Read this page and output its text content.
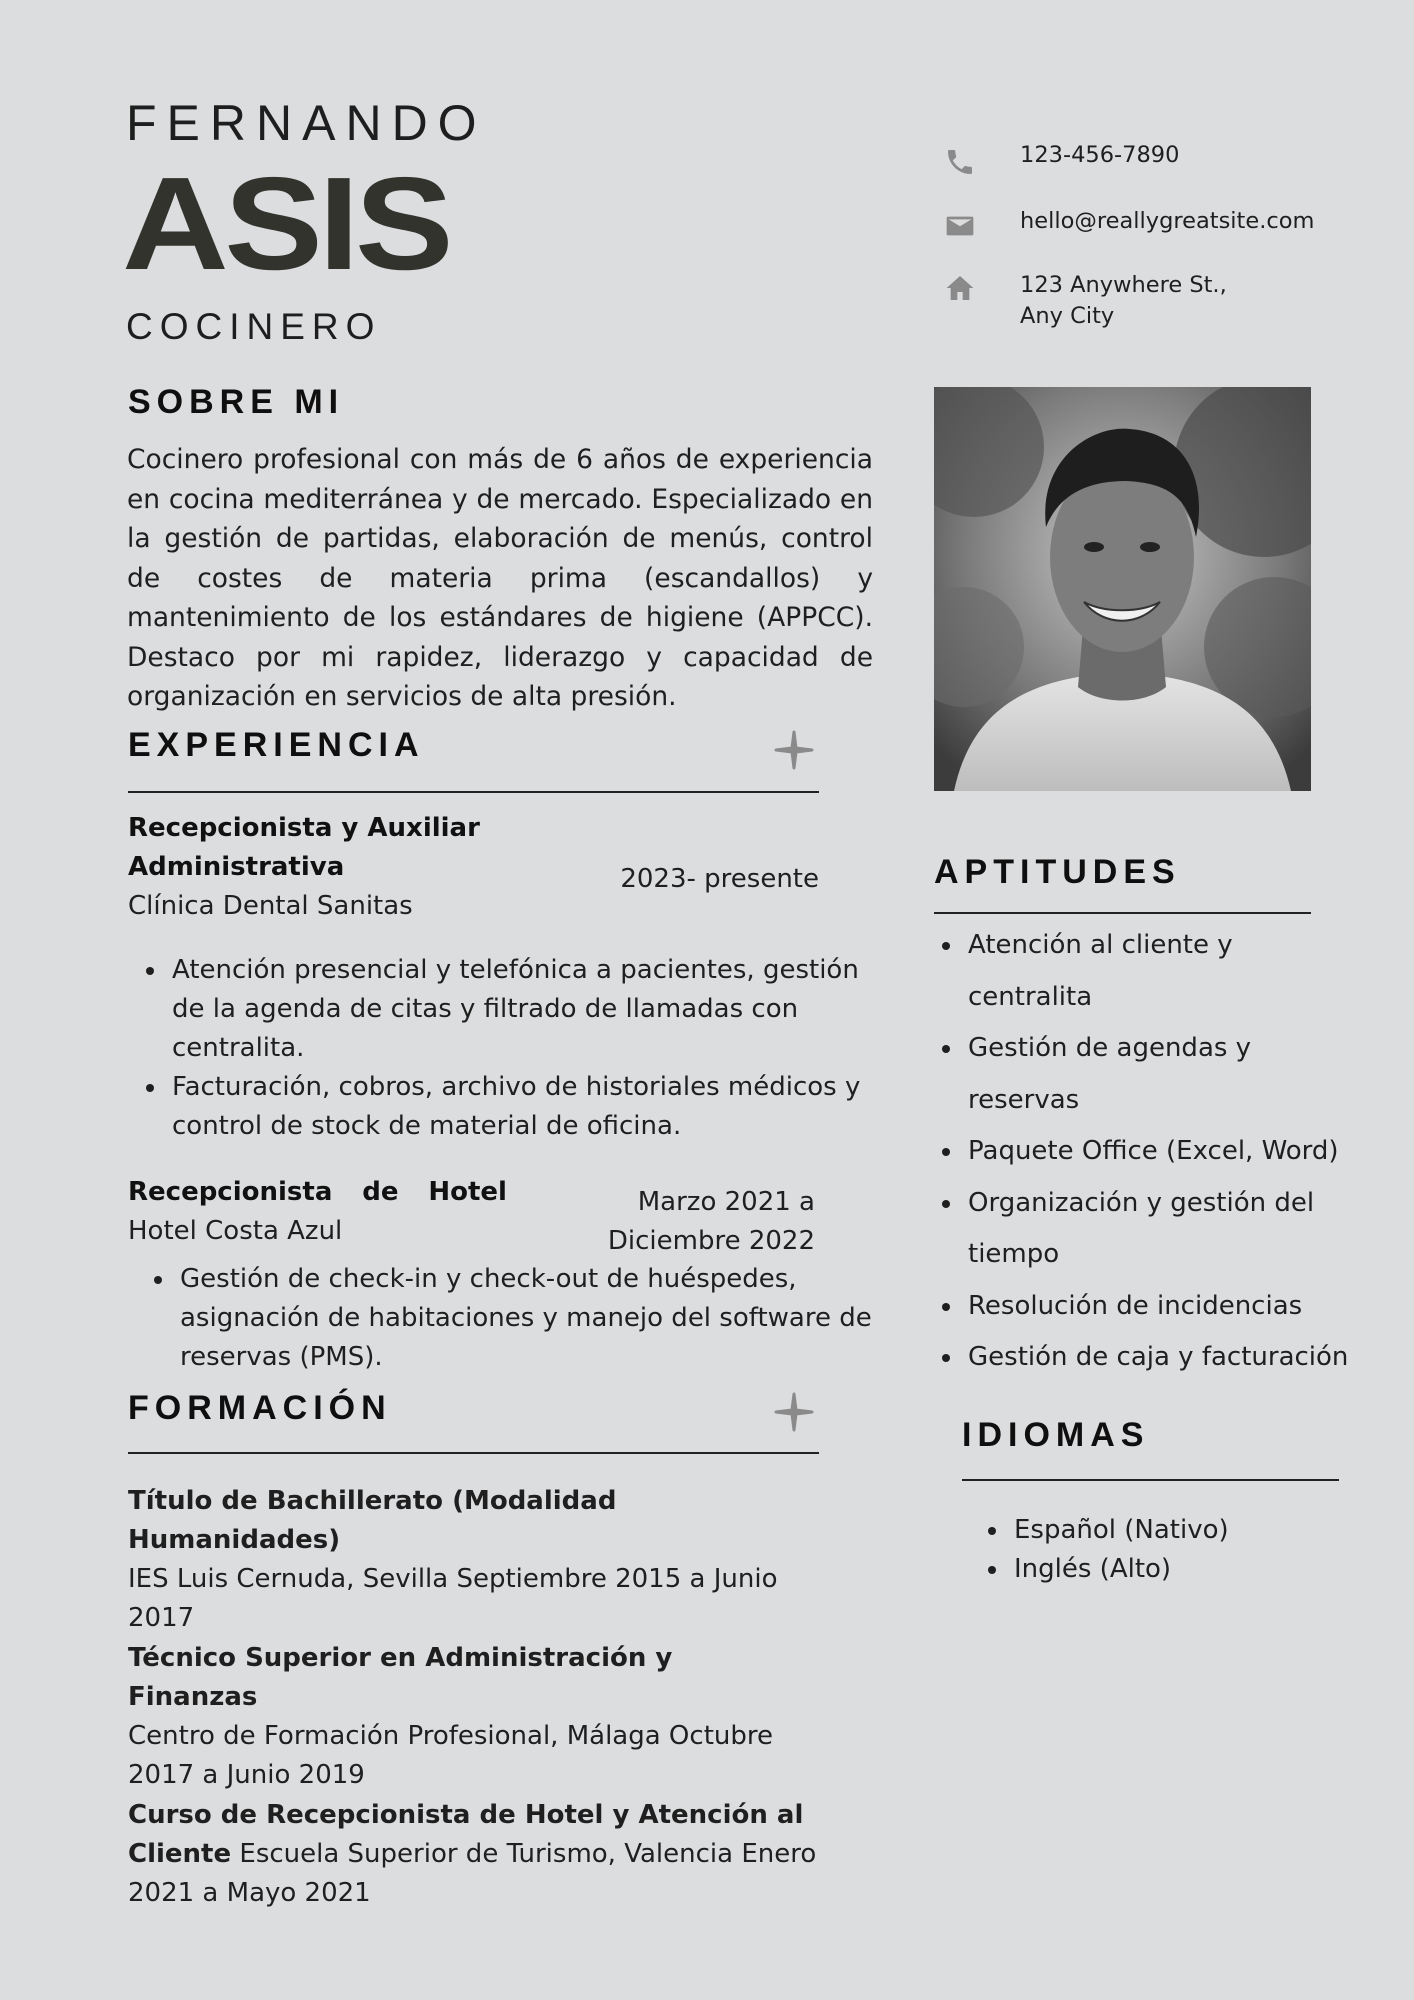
FERNANDO
ASIS
COCINERO
123-456-7890
hello@reallygreatsite.com
123 Anywhere St.,
Any City
SOBRE MI
Cocinero profesional con más de 6 años de experiencia en cocina mediterránea y de mercado. Especializado en la gestión de partidas, elaboración de menús, control de costes de materia prima (escandallos) y mantenimiento de los estándares de higiene (APPCC). Destaco por mi rapidez, liderazgo y capacidad de organización en servicios de alta presión.
EXPERIENCIA
Recepcionista y Auxiliar
Administrativa
Clínica Dental Sanitas
2023- presente
• Atención presencial y telefónica a pacientes, gestión de la agenda de citas y filtrado de llamadas con centralita.
• Facturación, cobros, archivo de historiales médicos y control de stock de material de oficina.
Recepcionista de Hotel
Hotel Costa Azul
Marzo 2021 a
Diciembre 2022
• Gestión de check-in y check-out de huéspedes, asignación de habitaciones y manejo del software de reservas (PMS).
FORMACIÓN
Título de Bachillerato (Modalidad Humanidades)
IES Luis Cernuda, Sevilla Septiembre 2015 a Junio 2017
Técnico Superior en Administración y Finanzas
Centro de Formación Profesional, Málaga Octubre 2017 a Junio 2019
Curso de Recepcionista de Hotel y Atención al Cliente Escuela Superior de Turismo, Valencia Enero 2021 a Mayo 2021
APTITUDES
• Atención al cliente y centralita
• Gestión de agendas y reservas
• Paquete Office (Excel, Word)
• Organización y gestión del tiempo
• Resolución de incidencias
• Gestión de caja y facturación
IDIOMAS
• Español (Nativo)
• Inglés (Alto)
